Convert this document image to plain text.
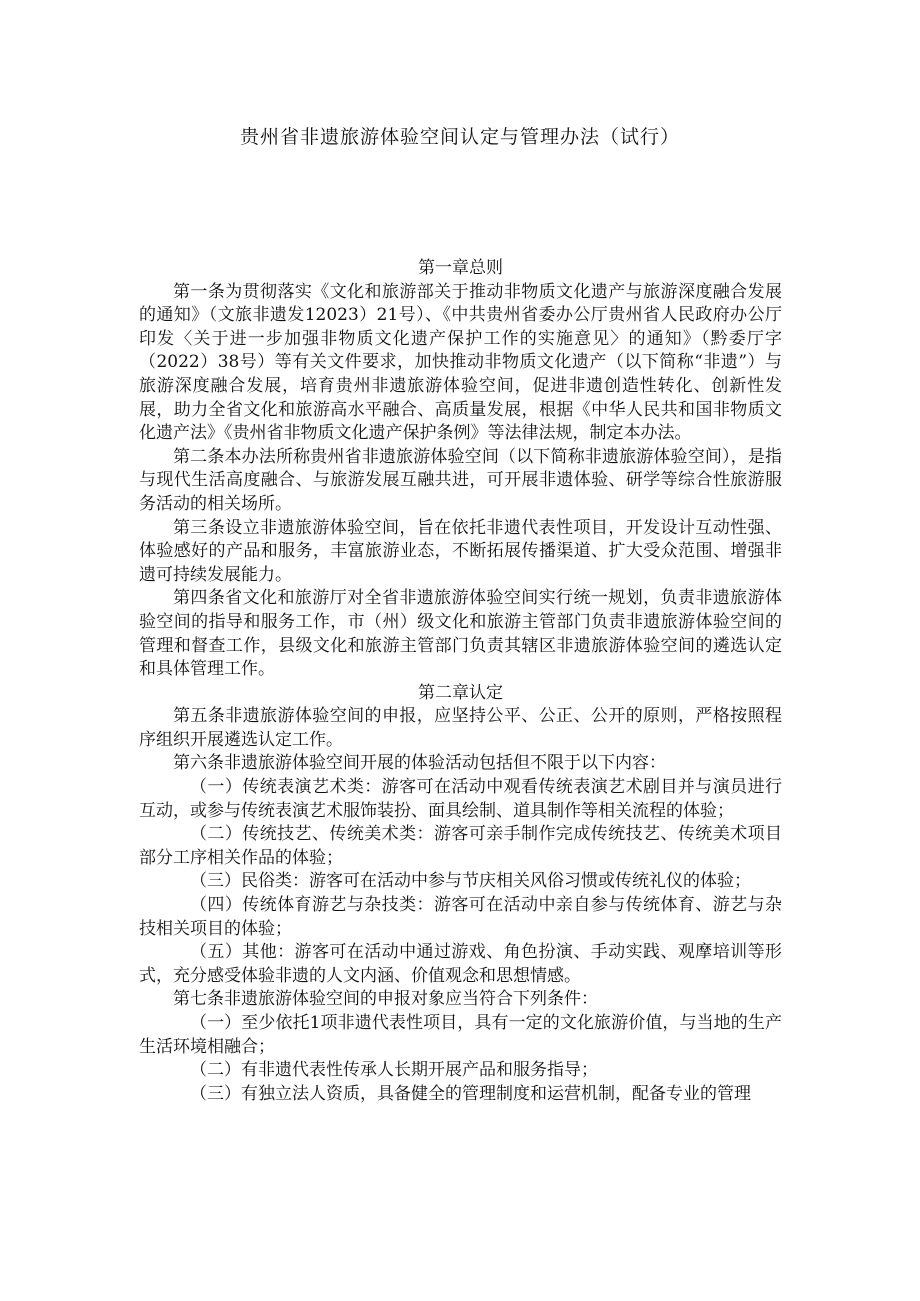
贵州省非遗旅游体验空间认定与管理办法（试行）
第一章总则

第一条为贯彻落实《文化和旅游部关于推动非物质文化遗产与旅游深度融合发展的通知》（文旅非遗发12023）21号）、《中共贵州省委办公厅贵州省人民政府办公厅印发〈关于进一步加强非物质文化遗产保护工作的实施意见〉的通知》（黔委厅字（2022）38号）等有关文件要求，加快推动非物质文化遗产（以下简称“非遗”）与旅游深度融合发展，培育贵州非遗旅游体验空间，促进非遗创造性转化、创新性发展，助力全省文化和旅游高水平融合、高质量发展，根据《中华人民共和国非物质文化遗产法》《贵州省非物质文化遗产保护条例》等法律法规，制定本办法。

第二条本办法所称贵州省非遗旅游体验空间（以下简称非遗旅游体验空间），是指与现代生活高度融合、与旅游发展互融共进，可开展非遗体验、研学等综合性旅游服务活动的相关场所。

第三条设立非遗旅游体验空间，旨在依托非遗代表性项目，开发设计互动性强、体验感好的产品和服务，丰富旅游业态，不断拓展传播渠道、扩大受众范围、增强非遗可持续发展能力。

第四条省文化和旅游厅对全省非遗旅游体验空间实行统一规划，负责非遗旅游体验空间的指导和服务工作，市（州）级文化和旅游主管部门负责非遗旅游体验空间的管理和督查工作，县级文化和旅游主管部门负责其辖区非遗旅游体验空间的遴选认定和具体管理工作。

第二章认定

第五条非遗旅游体验空间的申报，应坚持公平、公正、公开的原则，严格按照程序组织开展遴选认定工作。

第六条非遗旅游体验空间开展的体验活动包括但不限于以下内容：

（一）传统表演艺术类：游客可在活动中观看传统表演艺术剧目并与演员进行互动，或参与传统表演艺术服饰装扮、面具绘制、道具制作等相关流程的体验；

（二）传统技艺、传统美术类：游客可亲手制作完成传统技艺、传统美术项目部分工序相关作品的体验；

（三）民俗类：游客可在活动中参与节庆相关风俗习惯或传统礼仪的体验；

（四）传统体育游艺与杂技类：游客可在活动中亲自参与传统体育、游艺与杂技相关项目的体验；

（五）其他：游客可在活动中通过游戏、角色扮演、手动实践、观摩培训等形式，充分感受体验非遗的人文内涵、价值观念和思想情感。

第七条非遗旅游体验空间的申报对象应当符合下列条件：

（一）至少依托1项非遗代表性项目，具有一定的文化旅游价值，与当地的生产生活环境相融合；

（二）有非遗代表性传承人长期开展产品和服务指导；

（三）有独立法人资质，具备健全的管理制度和运营机制，配备专业的管理
